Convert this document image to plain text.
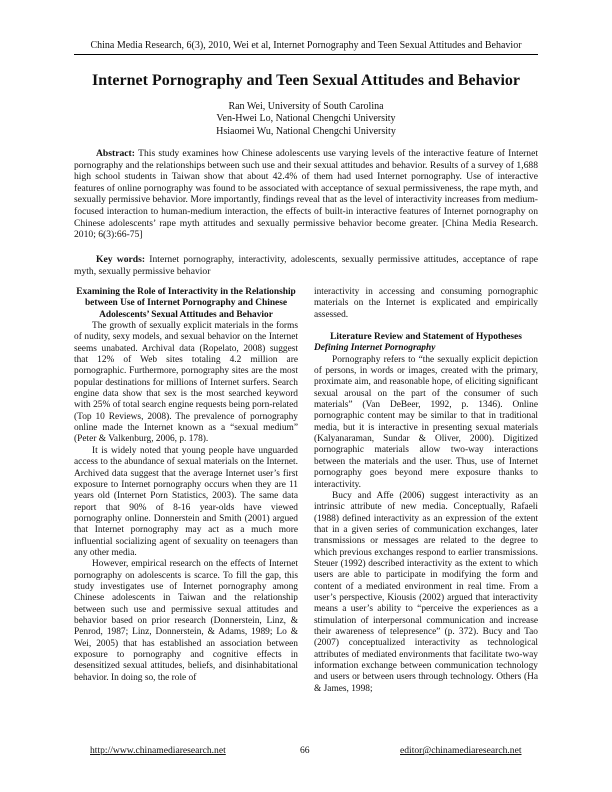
China Media Research, 6(3), 2010, Wei et al, Internet Pornography and Teen Sexual Attitudes and Behavior
Internet Pornography and Teen Sexual Attitudes and Behavior
Ran Wei, University of South Carolina
Ven-Hwei Lo, National Chengchi University
Hsiaomei Wu, National Chengchi University

Abstract: This study examines how Chinese adolescents use varying levels of the interactive feature of Internet pornography and the relationships between such use and their sexual attitudes and behavior. Results of a survey of 1,688 high school students in Taiwan show that about 42.4% of them had used Internet pornography. Use of interactive features of online pornography was found to be associated with acceptance of sexual permissiveness, the rape myth, and sexually permissive behavior. More importantly, findings reveal that as the level of interactivity increases from medium-focused interaction to human-medium interaction, the effects of built-in interactive features of Internet pornography on Chinese adolescents’ rape myth attitudes and sexually permissive behavior become greater. [China Media Research. 2010; 6(3):66-75]

Key words: Internet pornography, interactivity, adolescents, sexually permissive attitudes, acceptance of rape myth, sexually permissive behavior

Examining the Role of Interactivity in the Relationship between Use of Internet Pornography and Chinese Adolescents’ Sexual Attitudes and Behavior

The growth of sexually explicit materials in the forms of nudity, sexy models, and sexual behavior on the Internet seems unabated. Archival data (Ropelato, 2008) suggest that 12% of Web sites totaling 4.2 million are pornographic. Furthermore, pornography sites are the most popular destinations for millions of Internet surfers. Search engine data show that sex is the most searched keyword with 25% of total search engine requests being porn-related (Top 10 Reviews, 2008). The prevalence of pornography online made the Internet known as a “sexual medium” (Peter & Valkenburg, 2006, p. 178).

It is widely noted that young people have unguarded access to the abundance of sexual materials on the Internet. Archived data suggest that the average Internet user’s first exposure to Internet pornography occurs when they are 11 years old (Internet Porn Statistics, 2003). The same data report that 90% of 8-16 year-olds have viewed pornography online. Donnerstein and Smith (2001) argued that Internet pornography may act as a much more influential socializing agent of sexuality on teenagers than any other media.

However, empirical research on the effects of Internet pornography on adolescents is scarce. To fill the gap, this study investigates use of Internet pornography among Chinese adolescents in Taiwan and the relationship between such use and permissive sexual attitudes and behavior based on prior research (Donnerstein, Linz, & Penrod, 1987; Linz, Donnerstein, & Adams, 1989; Lo & Wei, 2005) that has established an association between exposure to pornography and cognitive effects in desensitized sexual attitudes, beliefs, and disinhabitational behavior. In doing so, the role of

interactivity in accessing and consuming pornographic materials on the Internet is explicated and empirically assessed.

Literature Review and Statement of Hypotheses
Defining Internet Pornography

Pornography refers to “the sexually explicit depiction of persons, in words or images, created with the primary, proximate aim, and reasonable hope, of eliciting significant sexual arousal on the part of the consumer of such materials” (Van DeBeer, 1992, p. 1346). Online pornographic content may be similar to that in traditional media, but it is interactive in presenting sexual materials (Kalyanaraman, Sundar & Oliver, 2000). Digitized pornographic materials allow two-way interactions between the materials and the user. Thus, use of Internet pornography goes beyond mere exposure thanks to interactivity.

Bucy and Affe (2006) suggest interactivity as an intrinsic attribute of new media. Conceptually, Rafaeli (1988) defined interactivity as an expression of the extent that in a given series of communication exchanges, later transmissions or messages are related to the degree to which previous exchanges respond to earlier transmissions. Steuer (1992) described interactivity as the extent to which users are able to participate in modifying the form and content of a mediated environment in real time. From a user’s perspective, Kiousis (2002) argued that interactivity means a user’s ability to “perceive the experiences as a stimulation of interpersonal communication and increase their awareness of telepresence” (p. 372). Bucy and Tao (2007) conceptualized interactivity as technological attributes of mediated environments that facilitate two-way information exchange between communication technology and users or between users through technology. Others (Ha & James, 1998;

http://www.chinamediaresearch.net	66	editor@chinamediaresearch.net
